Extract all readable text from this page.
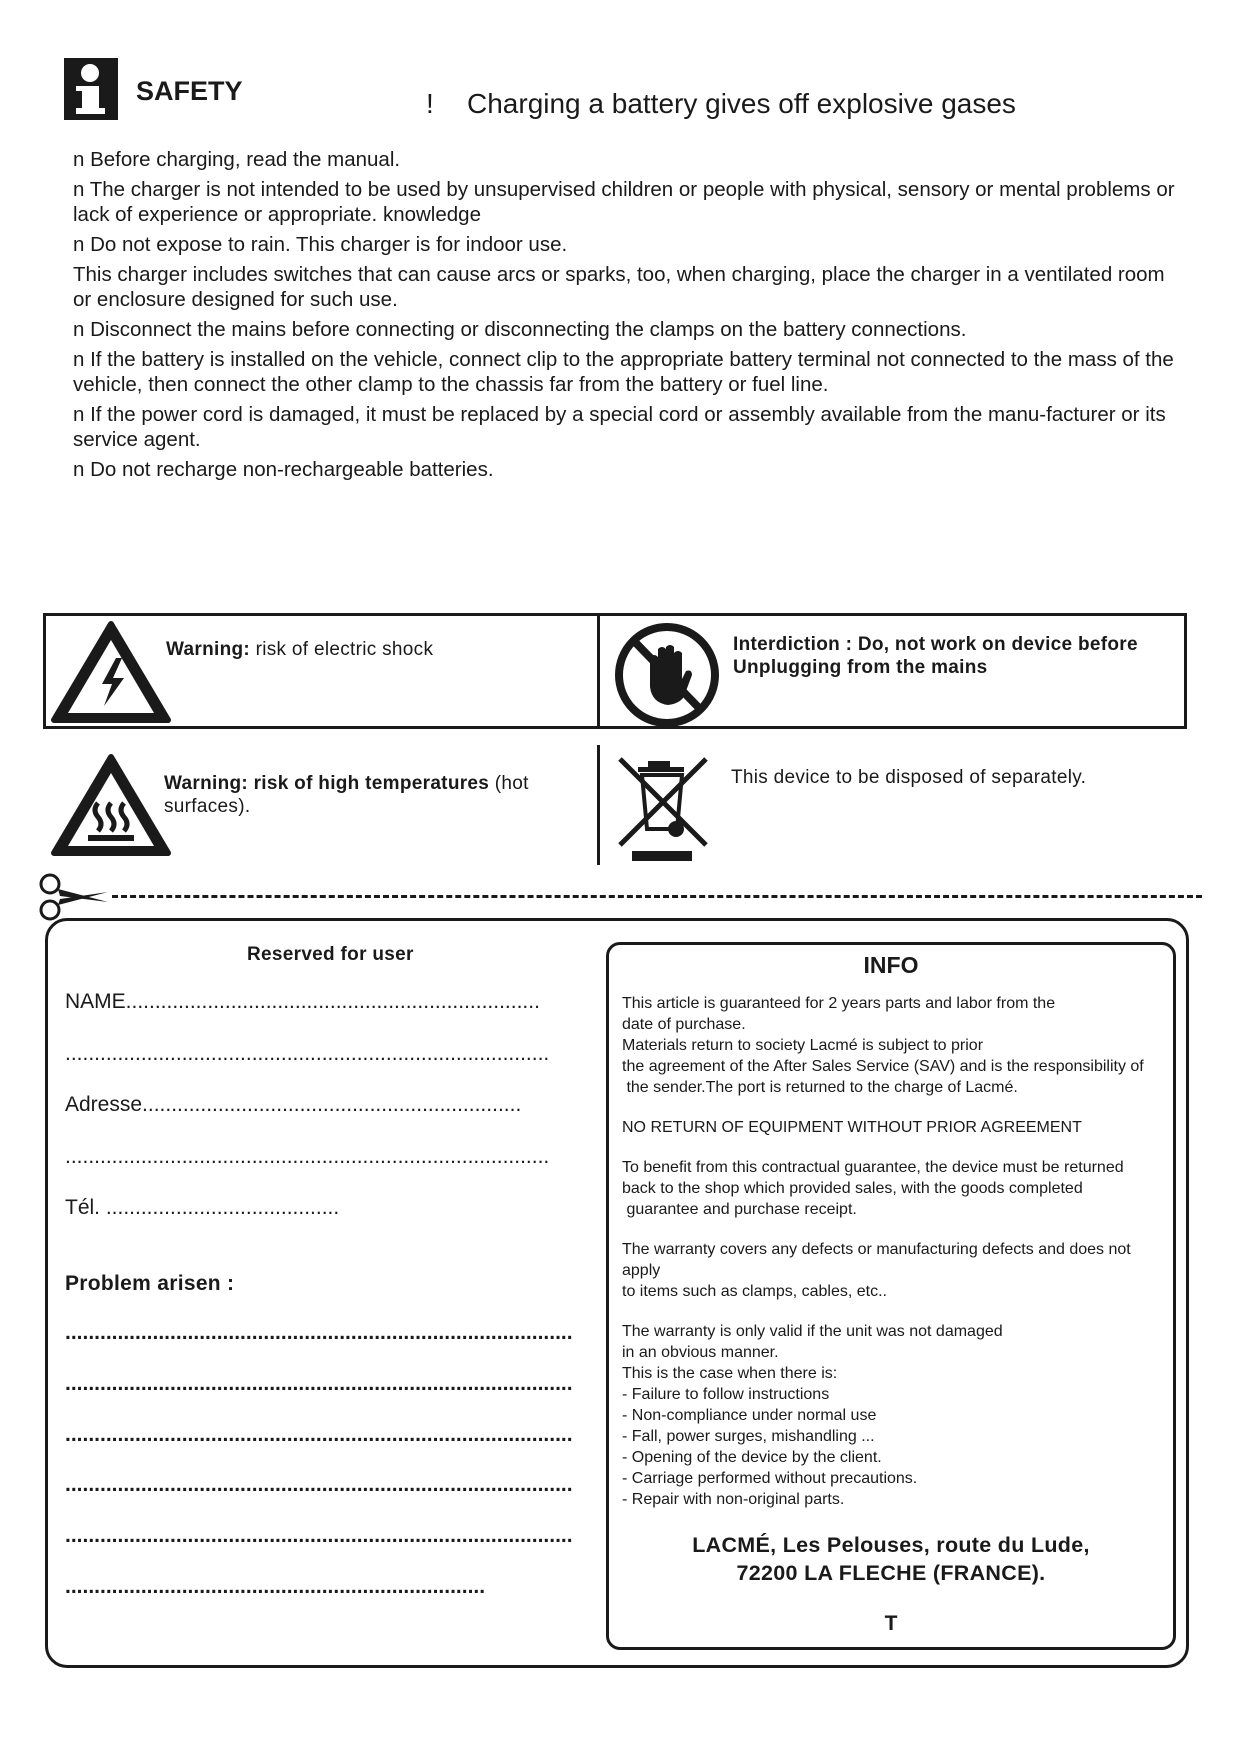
SAFETY	! Charging a battery gives off explosive gases

n Before charging, read the manual.

n The charger is not intended to be used by unsupervised children or people with physical, sensory or mental problems or lack of experience or appropriate. knowledge

n Do not expose to rain. This charger is for indoor use.

This charger includes switches that can cause arcs or sparks, too, when charging, place the charger in a ventilated room or enclosure designed for such use.

n Disconnect the mains before connecting or disconnecting the clamps on the battery connections.

n If the battery is installed on the vehicle, connect clip to the appropriate battery terminal not connected to the mass of the vehicle, then connect the other clamp to the chassis far from the battery or fuel line.

n If the power cord is damaged, it must be replaced by a special cord or assembly available from the manu-facturer or its service agent.

n Do not recharge non-rechargeable batteries.

Warning: risk of electric shock	Interdiction : Do, not work on device before Unplugging from the mains
Warning: risk of high temperatures (hot surfaces).
This device to be disposed of separately.
Reserved for user
NAME.......................................................................
...................................................................................
Adresse.................................................................
...................................................................................
Tél. ........................................
Problem arisen :
.......................................................................................
.......................................................................................
.......................................................................................
.......................................................................................
.......................................................................................
........................................................................
INFO

This article is guaranteed for 2 years parts and labor from the
date of purchase.
Materials return to society Lacmé is subject to prior
the agreement of the After Sales Service (SAV) and is the responsibility of
the sender.The port is returned to the charge of Lacmé.

NO RETURN OF EQUIPMENT WITHOUT PRIOR AGREEMENT

To benefit from this contractual guarantee, the device must be returned
back to the shop which provided sales, with the goods completed
guarantee and purchase receipt.

The warranty covers any defects or manufacturing defects and does not apply
to items such as clamps, cables, etc..

The warranty is only valid if the unit was not damaged
in an obvious manner.
This is the case when there is:
- Failure to follow instructions
- Non-compliance under normal use
- Fall, power surges, mishandling ...
- Opening of the device by the client.
- Carriage performed without precautions.
- Repair with non-original parts.

LACMÉ, Les Pelouses, route du Lude,
72200 LA FLECHE (FRANCE).
T
